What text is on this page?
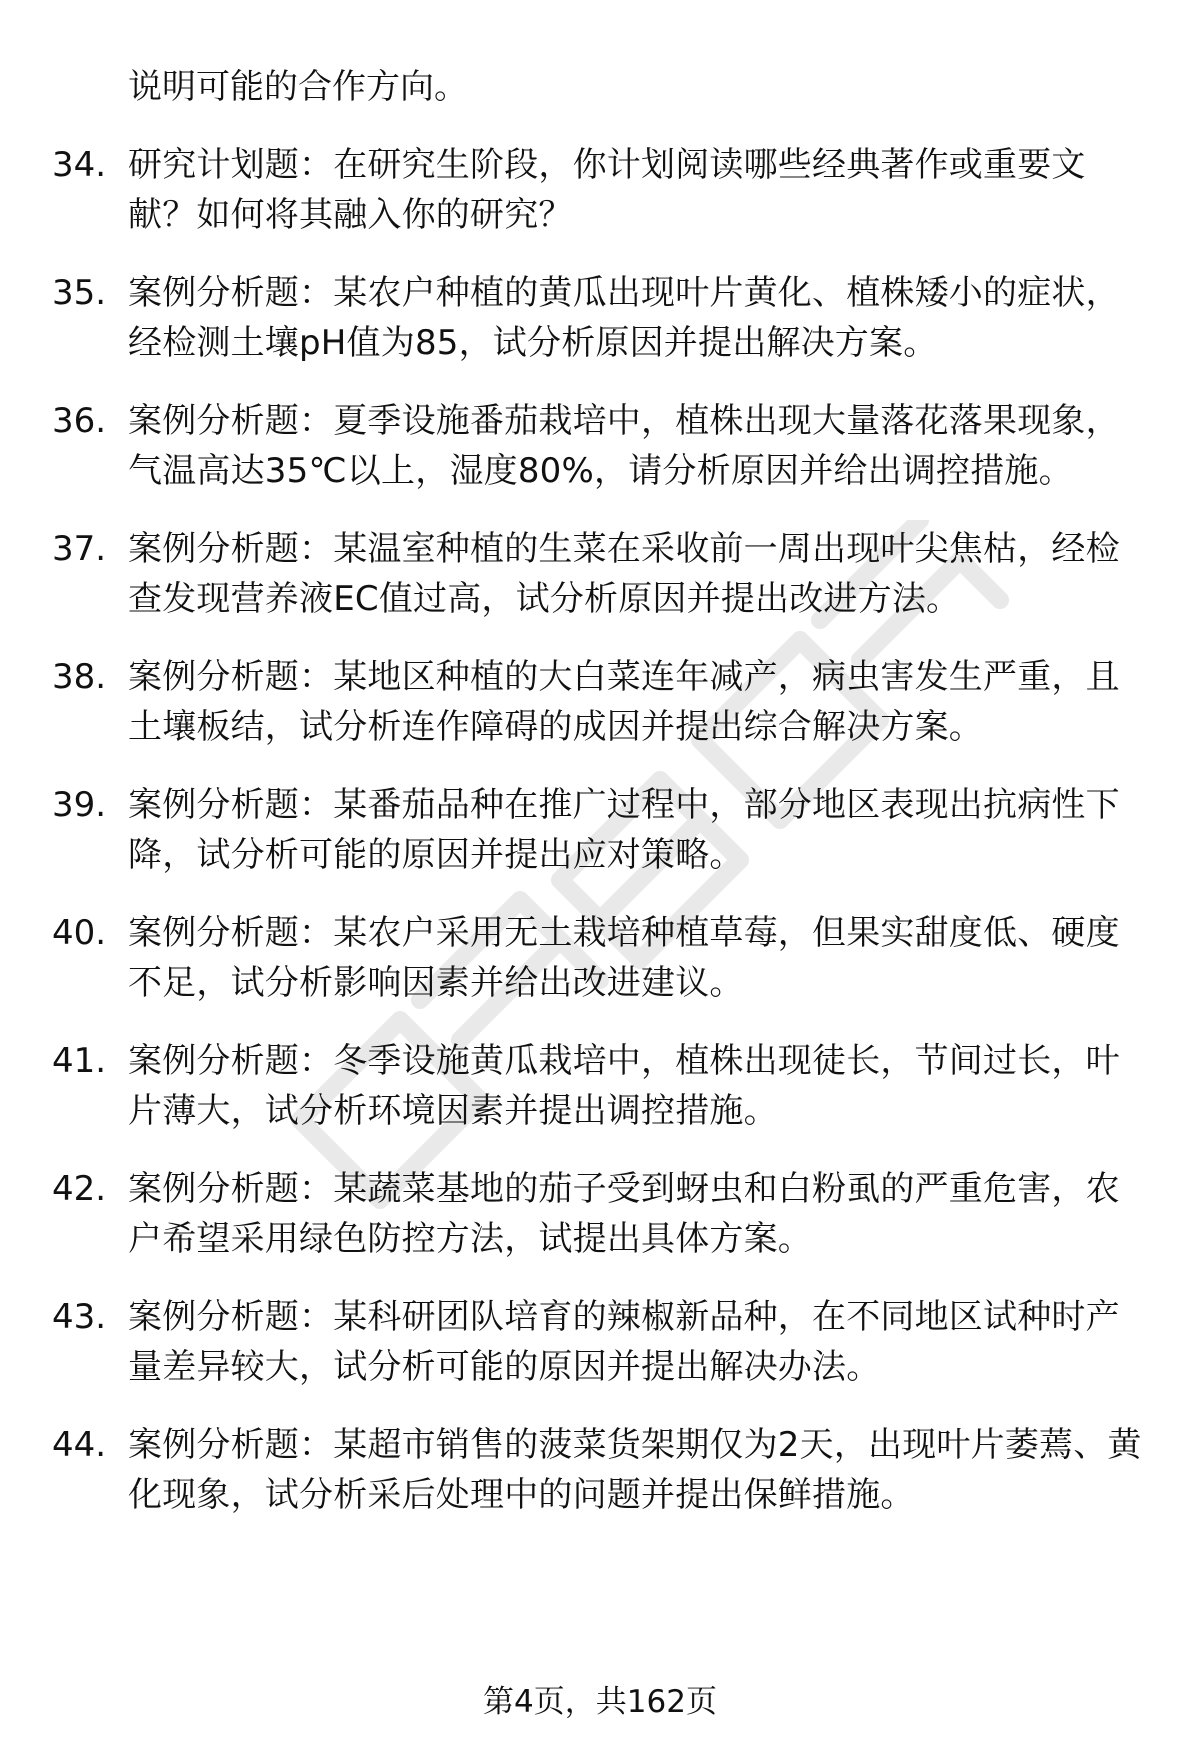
说明可能的合作方向。
34. 研究计划题：在研究生阶段，你计划阅读哪些经典著作或重要文献？如何将其融入你的研究？
35. 案例分析题：某农户种植的黄瓜出现叶片黄化、植株矮小的症状，经检测土壤pH值为85，试分析原因并提出解决方案。
36. 案例分析题：夏季设施番茄栽培中，植株出现大量落花落果现象，气温高达35℃以上，湿度80%，请分析原因并给出调控措施。
37. 案例分析题：某温室种植的生菜在采收前一周出现叶尖焦枯，经检查发现营养液EC值过高，试分析原因并提出改进方法。
38. 案例分析题：某地区种植的大白菜连年减产，病虫害发生严重，且土壤板结，试分析连作障碍的成因并提出综合解决方案。
39. 案例分析题：某番茄品种在推广过程中，部分地区表现出抗病性下降，试分析可能的原因并提出应对策略。
40. 案例分析题：某农户采用无土栽培种植草莓，但果实甜度低、硬度不足，试分析影响因素并给出改进建议。
41. 案例分析题：冬季设施黄瓜栽培中，植株出现徒长，节间过长，叶片薄大，试分析环境因素并提出调控措施。
42. 案例分析题：某蔬菜基地的茄子受到蚜虫和白粉虱的严重危害，农户希望采用绿色防控方法，试提出具体方案。
43. 案例分析题：某科研团队培育的辣椒新品种，在不同地区试种时产量差异较大，试分析可能的原因并提出解决办法。
44. 案例分析题：某超市销售的菠菜货架期仅为2天，出现叶片萎蔫、黄化现象，试分析采后处理中的问题并提出保鲜措施。
第4页，共162页
